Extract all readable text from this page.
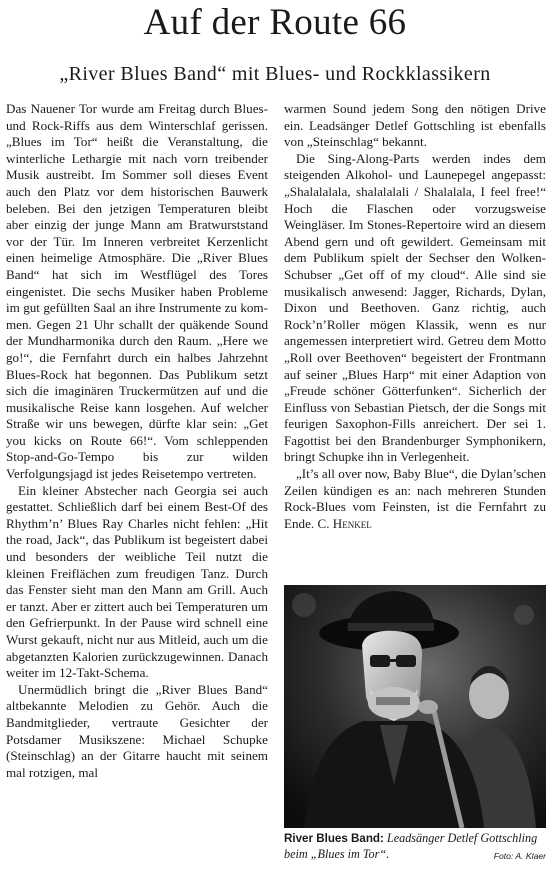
Auf der Route 66
„River Blues Band“ mit Blues- und Rockklassikern

Das Nauener Tor wurde am Freitag durch Blues- und Rock-Riffs aus dem Winterschlaf gerissen. „Blues im Tor“ heißt die Veranstaltung, die winterliche Lethargie mit nach vorn treibender Musik austreibt. Im Sommer soll dieses Event auch den Platz vor dem historischen Bauwerk beleben. Bei den jetzigen Temperaturen bleibt aber einzig der junge Mann am Bratwurststand vor der Tür. Im Inneren verbreitet Kerzenlicht einen heimelige Atmosphäre. Die „River Blues Band“ hat sich im Westflügel des Tores eingenistet. Die sechs Musiker haben Probleme im gut gefüllten Saal an ihre Instrumente zu kommen. Gegen 21 Uhr schallt der quäkende Sound der Mundharmonika durch den Raum. „Here we go!“, die Fernfahrt durch ein halbes Jahrzehnt Blues-Rock hat begonnen. Das Publikum setzt sich die imaginären Truckermützen auf und die musikalische Reise kann losgehen. Auf welcher Straße wir uns bewegen, dürfte klar sein: „Get you kicks on Route 66!“. Vom schleppenden Stop-and-Go-Tempo bis zur wilden Verfolgungsjagd ist jedes Reisetempo vertreten.

Ein kleiner Abstecher nach Georgia sei auch gestattet. Schließlich darf bei einem Best-Of des Rhythm’n’ Blues Ray Charles nicht fehlen: „Hit the road, Jack“, das Publikum ist begeistert dabei und besonders der weibliche Teil nutzt die kleinen Freiflächen zum freudigen Tanz. Durch das Fenster sieht man den Mann am Grill. Auch er tanzt. Aber er zittert auch bei Temperaturen um den Gefrierpunkt. In der Pause wird schnell eine Wurst gekauft, nicht nur aus Mitleid, auch um die abgetanzten Kalorien zurückzugewinnen. Danach weiter im 12-Takt-Schema.

Unermüdlich bringt die „River Blues Band“ altbekannte Melodien zu Gehör. Auch die Bandmitglieder, vertraute Gesichter der Potsdamer Musikszene: Michael Schupke (Steinschlag) an der Gitarre haucht mit seinem mal rotzigen, mal

warmen Sound jedem Song den nötigen Drive ein. Leadsänger Detlef Gottschling ist ebenfalls von „Steinschlag“ bekannt.

Die Sing-Along-Parts werden indes dem steigenden Alkohol- und Launepegel angepasst: „Shalalalala, shalalalali / Shalalala, I feel free!“ Hoch die Flaschen oder vorzugsweise Weingläser. Im Stones-Repertoire wird an diesem Abend gern und oft gewildert. Gemeinsam mit dem Publikum spielt der Sechser den Wolken-Schubser „Get off of my cloud“. Alle sind sie musikalisch anwesend: Jagger, Richards, Dylan, Dixon und Beethoven. Ganz richtig, auch Rock’n’Roller mögen Klassik, wenn es nur angemessen interpretiert wird. Getreu dem Motto „Roll over Beethoven“ begeistert der Frontmann auf seiner „Blues Harp“ mit einer Adaption von „Freude schöner Götterfunken“. Sicherlich der Einfluss von Sebastian Pietsch, der die Songs mit feurigen Saxophon-Fills anreichert. Der sei 1. Fagottist bei den Brandenburger Symphonikern, bringt Schupke ihn in Verlegenheit.

„It’s all over now, Baby Blue“, die Dylan’schen Zeilen kündigen es an: nach mehreren Stunden Rock-Blues vom Feinsten, ist die Fernfahrt zu Ende. C. Henkel

River Blues Band: Leadsänger Detlef Gottschling beim „Blues im Tor“.	Foto: A. Klaer
